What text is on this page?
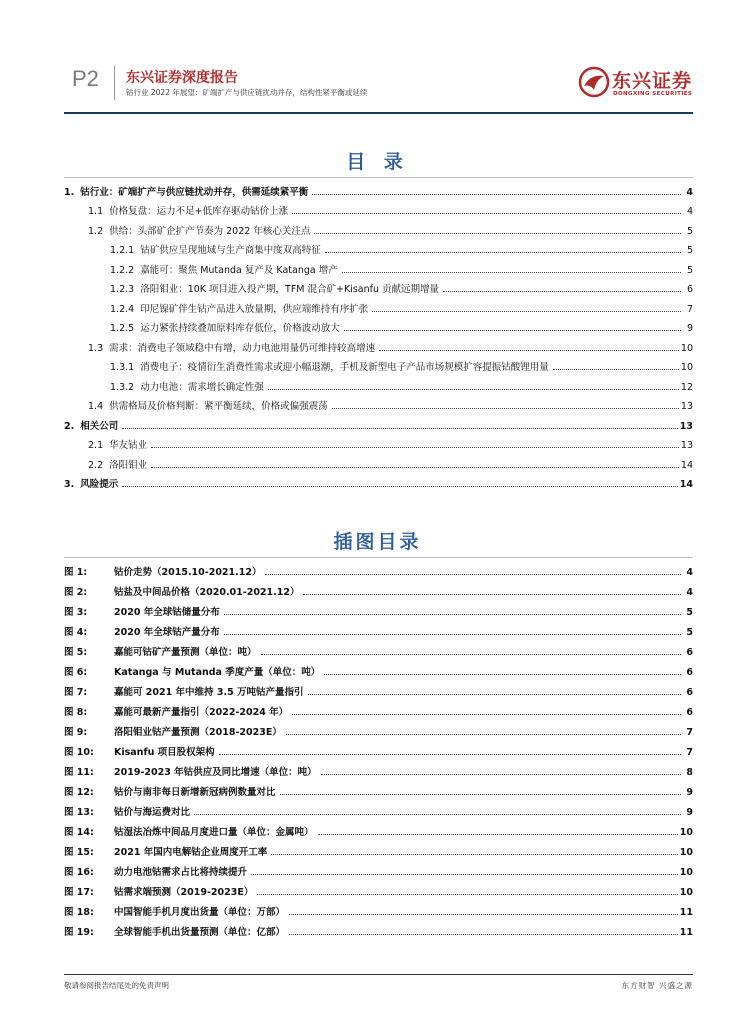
P2 东兴证券深度报告
钴行业 2022 年展望：矿端扩产与供应链扰动并存，结构性紧平衡或延续
东兴证券
DONGXING SECURITIES
目 录
1. 钴行业：矿端扩产与供应链扰动并存，供需延续紧平衡	4
1.1 价格复盘：运力不足+低库存驱动钴价上涨	4
1.2 供给：头部矿企扩产节奏为 2022 年核心关注点	5
1.2.1 钴矿供应呈现地域与生产商集中度双高特征	5
1.2.2 嘉能可：聚焦 Mutanda 复产及 Katanga 增产	5
1.2.3 洛阳钼业：10K 项目进入投产期，TFM 混合矿+Kisanfu 贡献远期增量	6
1.2.4 印尼镍矿伴生钴产品进入放量期，供应端维持有序扩张	7
1.2.5 运力紧张持续叠加原料库存低位，价格波动放大	9
1.3 需求：消费电子领域稳中有增，动力电池用量仍可维持较高增速	10
1.3.1 消费电子：疫情衍生消费性需求或迎小幅退潮，手机及新型电子产品市场规模扩容提振钴酸锂用量	10
1.3.2 动力电池：需求增长确定性强	12
1.4 供需格局及价格判断：紧平衡延续，价格或偏强震荡	13
2. 相关公司	13
2.1 华友钴业	13
2.2 洛阳钼业	14
3. 风险提示	14
插图目录
图 1:	钴价走势（2015.10-2021.12）	4
图 2:	钴盐及中间品价格（2020.01-2021.12）	4
图 3:	2020 年全球钴储量分布	5
图 4:	2020 年全球钴产量分布	5
图 5:	嘉能可钴矿产量预测（单位：吨）	6
图 6:	Katanga 与 Mutanda 季度产量（单位：吨）	6
图 7:	嘉能可 2021 年中维持 3.5 万吨钴产量指引	6
图 8:	嘉能可最新产量指引（2022-2024 年）	6
图 9:	洛阳钼业钴产量预测（2018-2023E）	7
图 10:	Kisanfu 项目股权架构	7
图 11:	2019-2023 年钴供应及同比增速（单位：吨）	8
图 12:	钴价与南非每日新增新冠病例数量对比	9
图 13:	钴价与海运费对比	9
图 14:	钴湿法冶炼中间品月度进口量（单位：金属吨）	10
图 15:	2021 年国内电解钴企业周度开工率	10
图 16:	动力电池钴需求占比将持续提升	10
图 17:	钴需求端预测（2019-2023E）	10
图 18:	中国智能手机月度出货量（单位：万部）	11
图 19:	全球智能手机出货量预测（单位：亿部）	11
敬请参阅报告结尾处的免责声明	东方财智 兴盛之源
